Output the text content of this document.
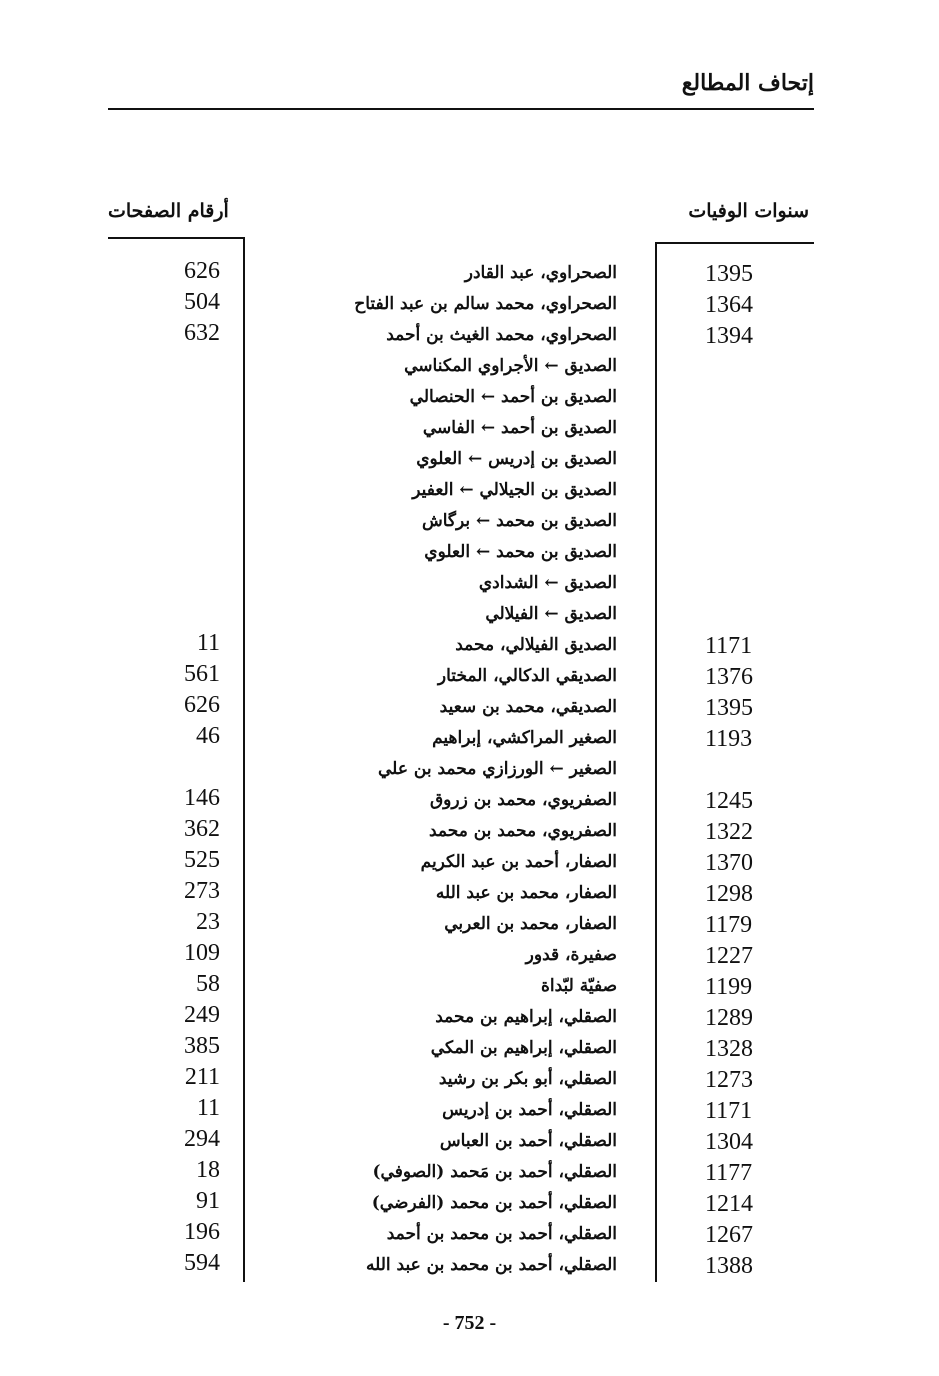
إتحاف المطالع
سنوات الوفيات
أرقام الصفحات
1395
الصحراوي، عبد القادر
626
1364
الصحراوي، محمد سالم بن عبد الفتاح
504
1394
الصحراوي، محمد الغيث بن أحمد
632
الصديق ← الأجراوي المكناسي
الصديق بن أحمد ← الحنصالي
الصديق بن أحمد ← الفاسي
الصديق بن إدريس ← العلوي
الصديق بن الجيلالي ← العفير
الصديق بن محمد ← برگاش
الصديق بن محمد ← العلوي
الصديق ← الشدادي
الصديق ← الفيلالي
1171
الصديق الفيلالي، محمد
11
1376
الصديقي الدكالي، المختار
561
1395
الصديقي، محمد بن سعيد
626
1193
الصغير المراكشي، إبراهيم
46
الصغير ← الورزازي محمد بن علي
1245
الصفريوي، محمد بن زروق
146
1322
الصفريوي، محمد بن محمد
362
1370
الصفار، أحمد بن عبد الكريم
525
1298
الصفار، محمد بن عبد الله
273
1179
الصفار، محمد بن العربي
23
1227
صفيرة، قدور
109
1199
صفيّة لبّداة
58
1289
الصقلي، إبراهيم بن محمد
249
1328
الصقلي، إبراهيم بن المكي
385
1273
الصقلي، أبو بكر بن رشيد
211
1171
الصقلي، أحمد بن إدريس
11
1304
الصقلي، أحمد بن العباس
294
1177
الصقلي، أحمد بن مَحمد (الصوفي)
18
1214
الصقلي، أحمد بن محمد (الفرضي)
91
1267
الصقلي، أحمد بن محمد بن أحمد
196
1388
الصقلي، أحمد بن محمد بن عبد الله
594
- 752 -
